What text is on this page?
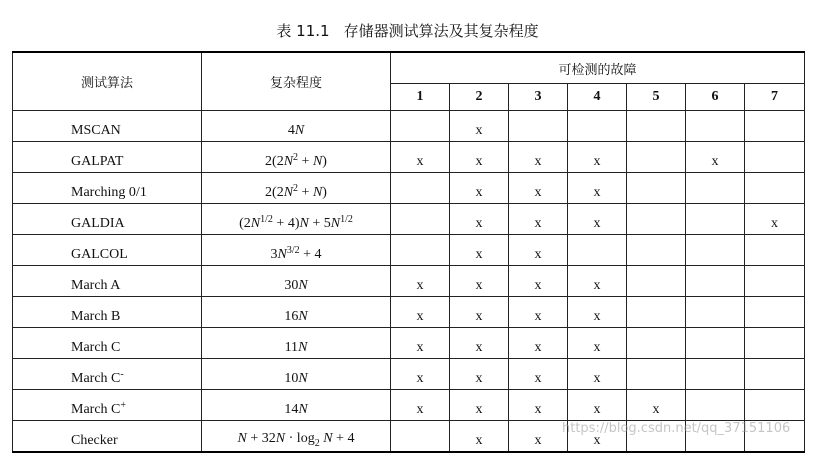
表 11.1 存储器测试算法及其复杂程度
测试算法	复杂程度	可检测的故障						
		1	2	3	4	5	6	7
MSCAN	4N		x					
GALPAT	$2(2N^2 + N)$	x	x	x	x		x	
Marching 0/1	$2(2N^2 + N)$		x	x	x			
GALDIA	$(2N^{1/2} + 4)N + 5N^{1/2}$		x	x	x			x
GALCOL	$3N^{3/2} + 4$		x	x				
March A	30N	x	x	x	x			
March B	16N	x	x	x	x			
March C	11N	x	x	x	x			
March C-	10N	x	x	x	x			
March C+	14N	x	x	x	x	x		
Checker	$N + 32N \cdot \log_2 N + 4$		x	x	x			
https://blog.csdn.net/qq_37151106
